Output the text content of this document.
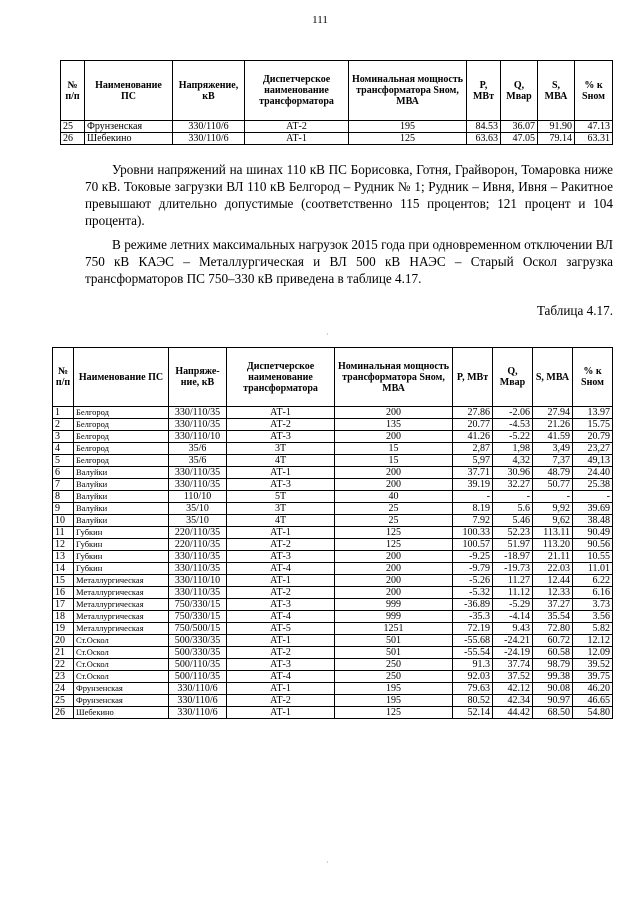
111
№ п/п	Наименование ПС	Напряжение, кВ	Диспетчерское наименование трансформатора	Номинальная мощность трансформатора Sном, МВА	P, МВт	Q, Мвар	S, МВА	% к Sном
25	Фрунзенская	330/110/6	АТ-2	195	84.53	36.07	91.90	47.13
26	Шебекино	330/110/6	АТ-1	125	63.63	47.05	79.14	63.31

Уровни напряжений на шинах 110 кВ ПС Борисовка, Готня, Грайворон, Томаровка ниже 70 кВ. Токовые загрузки ВЛ 110 кВ Белгород – Рудник № 1; Рудник – Ивня, Ивня – Ракитное превышают длительно допустимые (соответственно 115 процентов; 121 процент и 104 процента).

В режиме летних максимальных нагрузок 2015 года при одновременном отключении ВЛ 750 кВ КАЭС – Металлургическая и ВЛ 500 кВ НАЭС – Старый Оскол загрузка трансформаторов ПС 750–330 кВ приведена в таблице 4.17.

Таблица 4.17.
·
·
№ п/п	Наименование ПС	Напряже-ние, кВ	Диспетчерское наименование трансформатора	Номинальная мощность трансформатора Sном, МВА	P, МВт	Q, Мвар	S, МВА	% к Sном
1	Белгород	330/110/35	АТ-1	200	27.86	-2.06	27.94	13.97
2	Белгород	330/110/35	АТ-2	135	20.77	-4.53	21.26	15.75
3	Белгород	330/110/10	АТ-3	200	41.26	-5.22	41.59	20.79
4	Белгород	35/6	3Т	15	2,87	1,98	3,49	23,27
5	Белгород	35/6	4Т	15	5,97	4,32	7,37	49,13
6	Валуйки	330/110/35	АТ-1	200	37.71	30.96	48.79	24.40
7	Валуйки	330/110/35	АТ-3	200	39.19	32.27	50.77	25.38
8	Валуйки	110/10	5Т	40	-	-	-	-
9	Валуйки	35/10	3Т	25	8.19	5.6	9,92	39.69
10	Валуйки	35/10	4Т	25	7.92	5.46	9,62	38.48
11	Губкин	220/110/35	АТ-1	125	100.33	52.23	113.11	90.49
12	Губкин	220/110/35	АТ-2	125	100.57	51.97	113.20	90.56
13	Губкин	330/110/35	АТ-3	200	-9.25	-18.97	21.11	10.55
14	Губкин	330/110/35	АТ-4	200	-9.79	-19.73	22.03	11.01
15	Металлургическая	330/110/10	АТ-1	200	-5.26	11.27	12.44	6.22
16	Металлургическая	330/110/35	АТ-2	200	-5.32	11.12	12.33	6.16
17	Металлургическая	750/330/15	АТ-3	999	-36.89	-5.29	37.27	3.73
18	Металлургическая	750/330/15	АТ-4	999	-35.3	-4.14	35.54	3.56
19	Металлургическая	750/500/15	АТ-5	1251	72.19	9.43	72.80	5.82
20	Ст.Оскол	500/330/35	АТ-1	501	-55.68	-24.21	60.72	12.12
21	Ст.Оскол	500/330/35	АТ-2	501	-55.54	-24.19	60.58	12.09
22	Ст.Оскол	500/110/35	АТ-3	250	91.3	37.74	98.79	39.52
23	Ст.Оскол	500/110/35	АТ-4	250	92.03	37.52	99.38	39.75
24	Фрунзенская	330/110/6	АТ-1	195	79.63	42.12	90.08	46.20
25	Фрунзенская	330/110/6	АТ-2	195	80.52	42.34	90.97	46.65
26	Шебекино	330/110/6	АТ-1	125	52.14	44.42	68.50	54.80
